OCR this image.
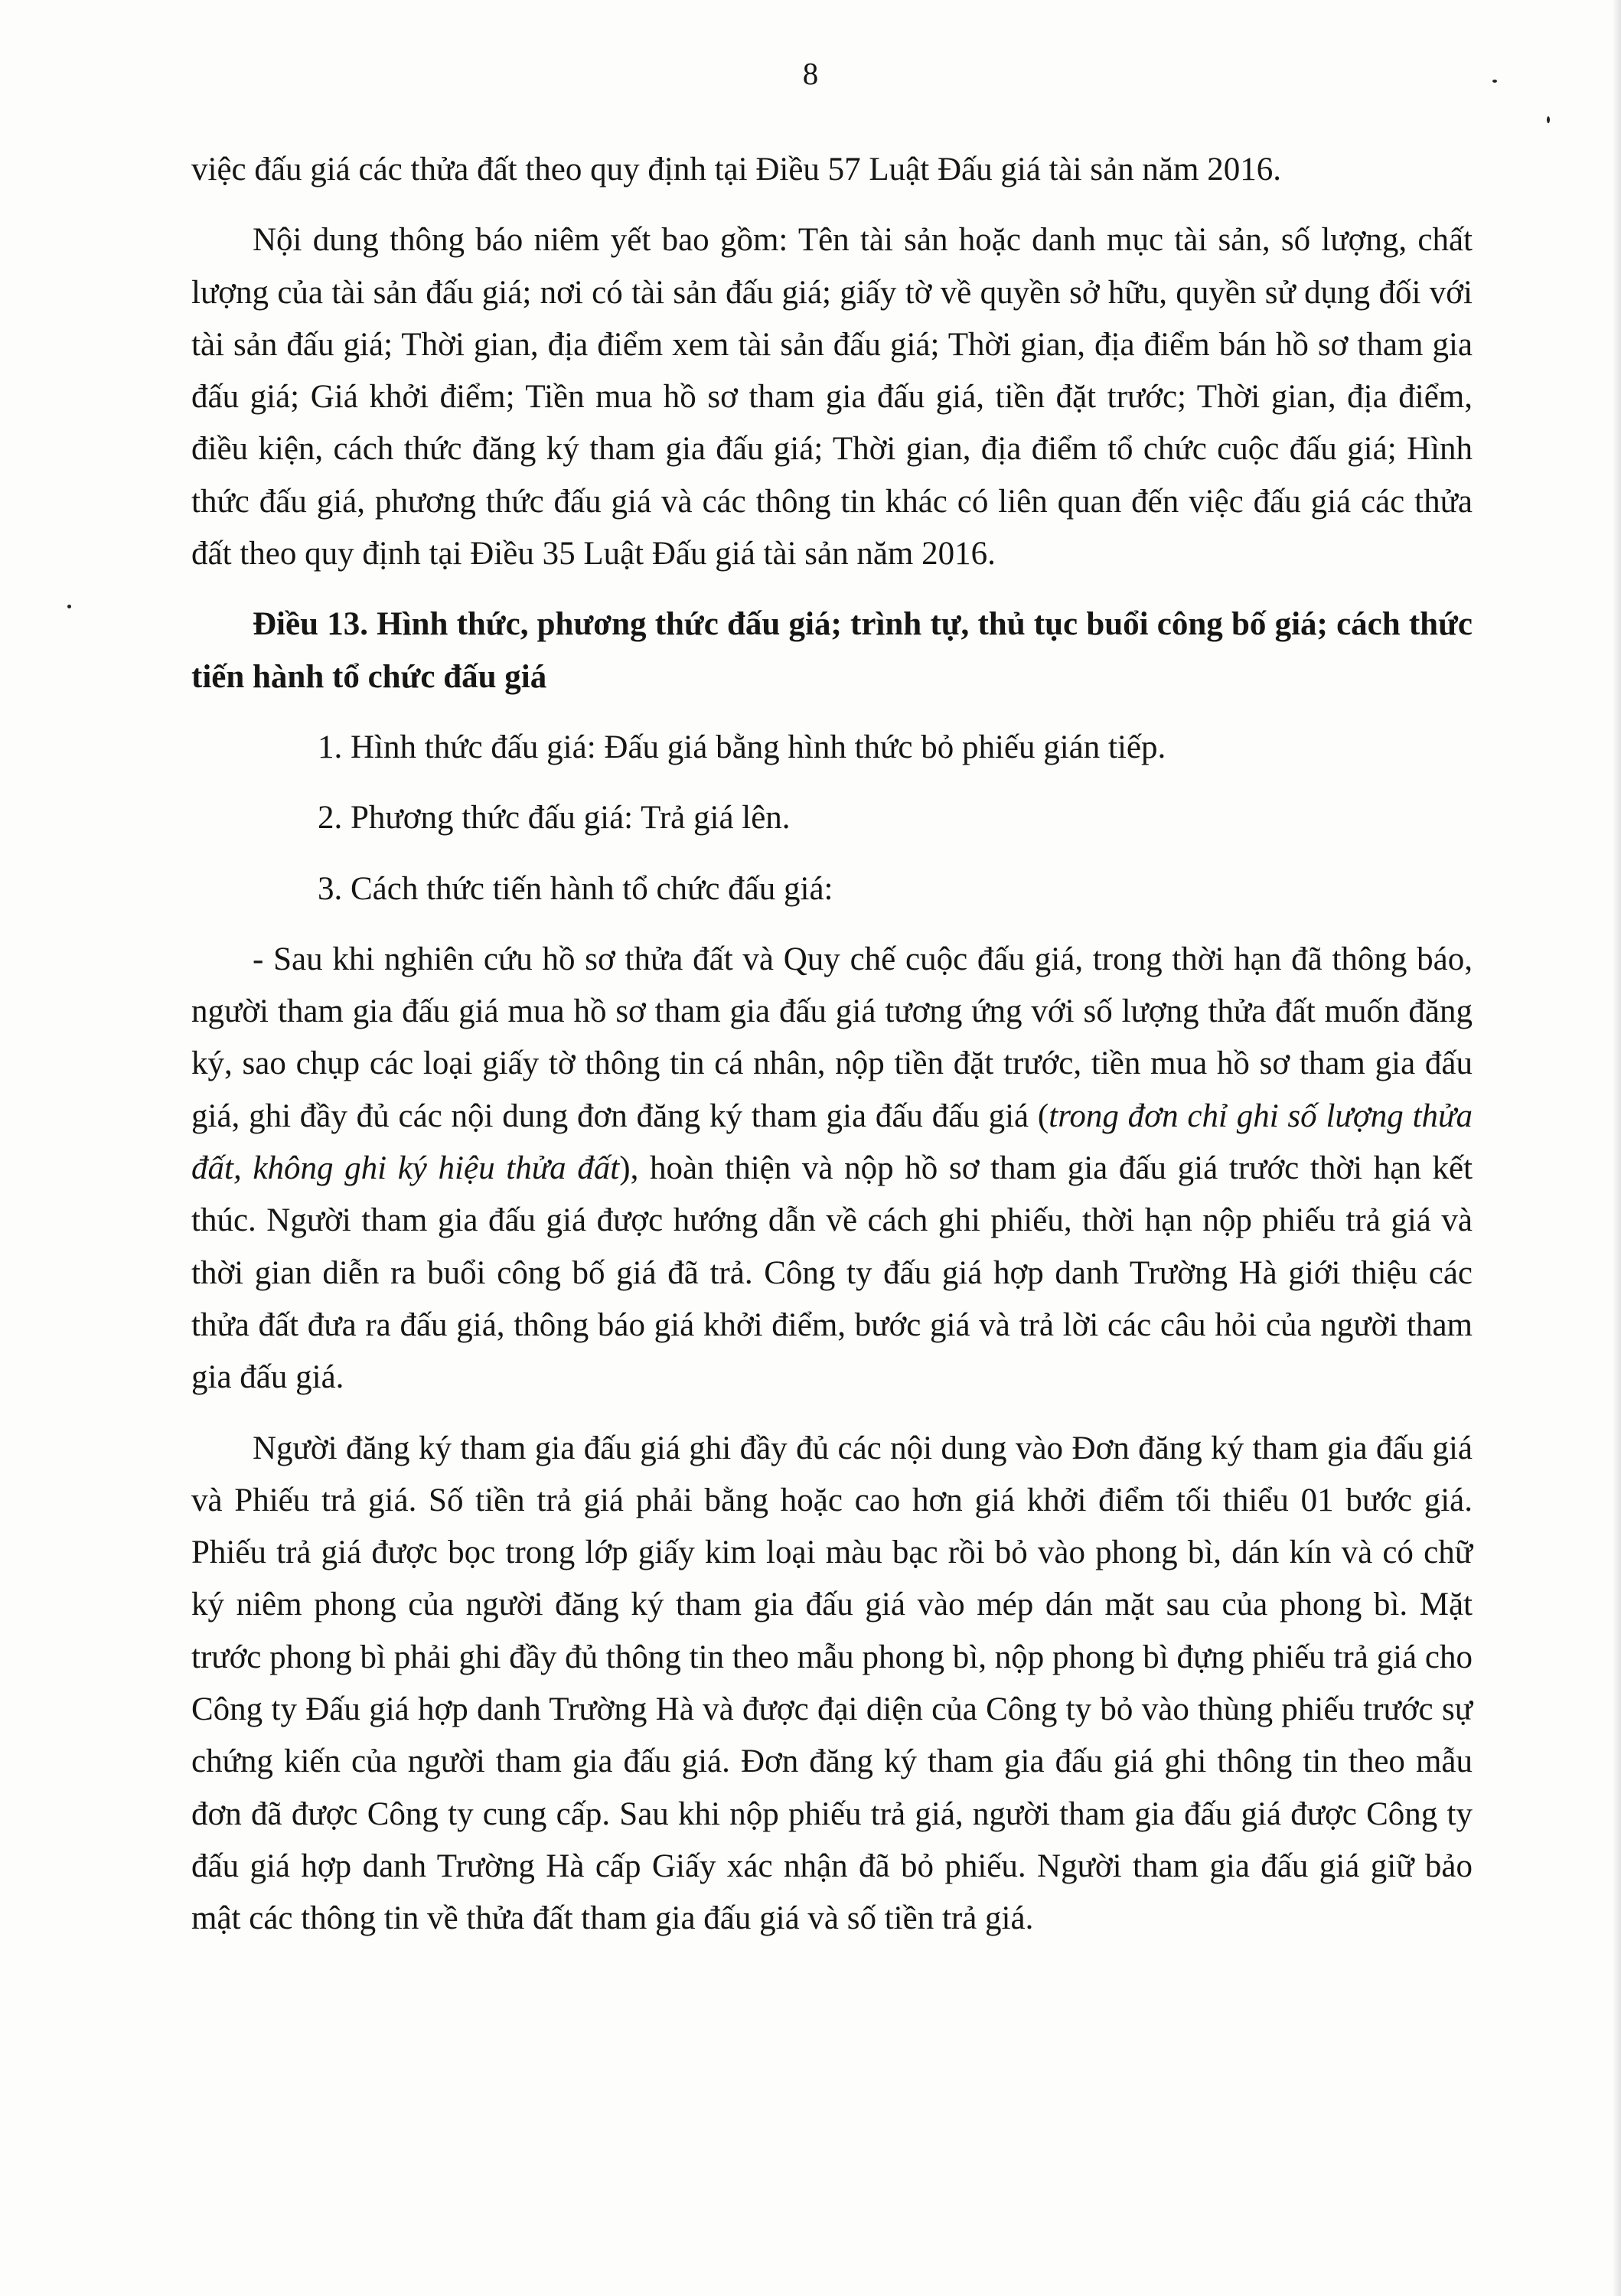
8

việc đấu giá các thửa đất theo quy định tại Điều 57 Luật Đấu giá tài sản năm 2016.

Nội dung thông báo niêm yết bao gồm: Tên tài sản hoặc danh mục tài sản, số lượng, chất lượng của tài sản đấu giá; nơi có tài sản đấu giá; giấy tờ về quyền sở hữu, quyền sử dụng đối với tài sản đấu giá; Thời gian, địa điểm xem tài sản đấu giá; Thời gian, địa điểm bán hồ sơ tham gia đấu giá; Giá khởi điểm; Tiền mua hồ sơ tham gia đấu giá, tiền đặt trước; Thời gian, địa điểm, điều kiện, cách thức đăng ký tham gia đấu giá; Thời gian, địa điểm tổ chức cuộc đấu giá; Hình thức đấu giá, phương thức đấu giá và các thông tin khác có liên quan đến việc đấu giá các thửa đất theo quy định tại Điều 35 Luật Đấu giá tài sản năm 2016.

Điều 13. Hình thức, phương thức đấu giá; trình tự, thủ tục buổi công bố giá; cách thức tiến hành tổ chức đấu giá

1. Hình thức đấu giá: Đấu giá bằng hình thức bỏ phiếu gián tiếp.

2. Phương thức đấu giá: Trả giá lên.

3. Cách thức tiến hành tổ chức đấu giá:

- Sau khi nghiên cứu hồ sơ thửa đất và Quy chế cuộc đấu giá, trong thời hạn đã thông báo, người tham gia đấu giá mua hồ sơ tham gia đấu giá tương ứng với số lượng thửa đất muốn đăng ký, sao chụp các loại giấy tờ thông tin cá nhân, nộp tiền đặt trước, tiền mua hồ sơ tham gia đấu giá, ghi đầy đủ các nội dung đơn đăng ký tham gia đấu đấu giá (trong đơn chỉ ghi số lượng thửa đất, không ghi ký hiệu thửa đất), hoàn thiện và nộp hồ sơ tham gia đấu giá trước thời hạn kết thúc. Người tham gia đấu giá được hướng dẫn về cách ghi phiếu, thời hạn nộp phiếu trả giá và thời gian diễn ra buổi công bố giá đã trả. Công ty đấu giá hợp danh Trường Hà giới thiệu các thửa đất đưa ra đấu giá, thông báo giá khởi điểm, bước giá và trả lời các câu hỏi của người tham gia đấu giá.

Người đăng ký tham gia đấu giá ghi đầy đủ các nội dung vào Đơn đăng ký tham gia đấu giá và Phiếu trả giá. Số tiền trả giá phải bằng hoặc cao hơn giá khởi điểm tối thiểu 01 bước giá. Phiếu trả giá được bọc trong lớp giấy kim loại màu bạc rồi bỏ vào phong bì, dán kín và có chữ ký niêm phong của người đăng ký tham gia đấu giá vào mép dán mặt sau của phong bì. Mặt trước phong bì phải ghi đầy đủ thông tin theo mẫu phong bì, nộp phong bì đựng phiếu trả giá cho Công ty Đấu giá hợp danh Trường Hà và được đại diện của Công ty bỏ vào thùng phiếu trước sự chứng kiến của người tham gia đấu giá. Đơn đăng ký tham gia đấu giá ghi thông tin theo mẫu đơn đã được Công ty cung cấp. Sau khi nộp phiếu trả giá, người tham gia đấu giá được Công ty đấu giá hợp danh Trường Hà cấp Giấy xác nhận đã bỏ phiếu. Người tham gia đấu giá giữ bảo mật các thông tin về thửa đất tham gia đấu giá và số tiền trả giá.
